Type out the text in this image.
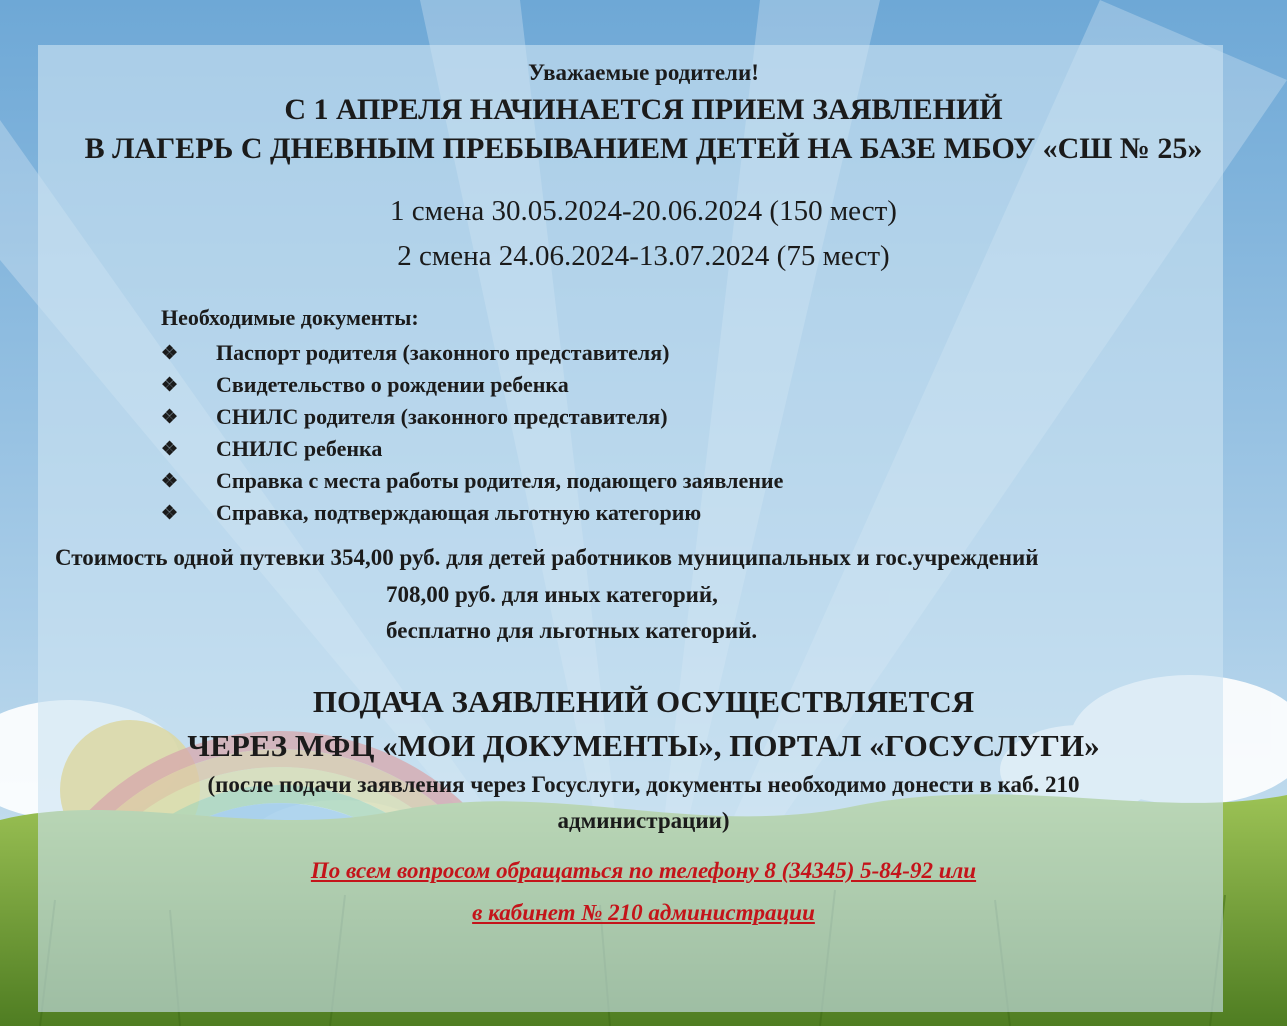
Уважаемые родители!
С 1 АПРЕЛЯ НАЧИНАЕТСЯ ПРИЕМ ЗАЯВЛЕНИЙ
В ЛАГЕРЬ С ДНЕВНЫМ ПРЕБЫВАНИЕМ ДЕТЕЙ НА БАЗЕ МБОУ «СШ № 25»
1 смена 30.05.2024-20.06.2024 (150 мест)
2 смена 24.06.2024-13.07.2024 (75 мест)
Необходимые документы:
❖	Паспорт родителя (законного представителя)
❖	Свидетельство о рождении ребенка
❖	СНИЛС родителя (законного представителя)
❖	СНИЛС ребенка
❖	Справка с места работы родителя, подающего заявление
❖	Справка, подтверждающая льготную категорию
Стоимость одной путевки 354,00 руб. для детей работников муниципальных и гос.учреждений
708,00 руб. для иных категорий,
бесплатно для льготных категорий.
ПОДАЧА ЗАЯВЛЕНИЙ ОСУЩЕСТВЛЯЕТСЯ
ЧЕРЕЗ МФЦ «МОИ ДОКУМЕНТЫ», ПОРТАЛ «ГОСУСЛУГИ»
(после подачи заявления через Госуслуги, документы необходимо донести в каб. 210
администрации)
По всем вопросом обращаться по телефону 8 (34345) 5-84-92 или
в кабинет № 210 администрации
